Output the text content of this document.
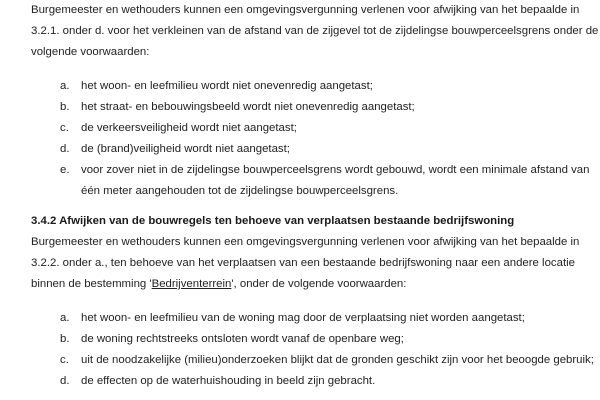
Burgemeester en wethouders kunnen een omgevingsvergunning verlenen voor afwijking van het bepaalde in
3.2.1. onder d. voor het verkleinen van de afstand van de zijgevel tot de zijdelingse bouwperceelsgrens onder de
volgende voorwaarden:
a. het woon- en leefmilieu wordt niet onevenredig aangetast;
b. het straat- en bebouwingsbeeld wordt niet onevenredig aangetast;
c. de verkeersveiligheid wordt niet aangetast;
d. de (brand)veiligheid wordt niet aangetast;
e. voor zover niet in de zijdelingse bouwperceelsgrens wordt gebouwd, wordt een minimale afstand van
één meter aangehouden tot de zijdelingse bouwperceelsgrens.
3.4.2 Afwijken van de bouwregels ten behoeve van verplaatsen bestaande bedrijfswoning
Burgemeester en wethouders kunnen een omgevingsvergunning verlenen voor afwijking van het bepaalde in
3.2.2. onder a., ten behoeve van het verplaatsen van een bestaande bedrijfswoning naar een andere locatie
binnen de bestemming 'Bedrijventerrein', onder de volgende voorwaarden:
a. het woon- en leefmilieu van de woning mag door de verplaatsing niet worden aangetast;
b. de woning rechtstreeks ontsloten wordt vanaf de openbare weg;
c. uit de noodzakelijke (milieu)onderzoeken blijkt dat de gronden geschikt zijn voor het beoogde gebruik;
d. de effecten op de waterhuishouding in beeld zijn gebracht.
